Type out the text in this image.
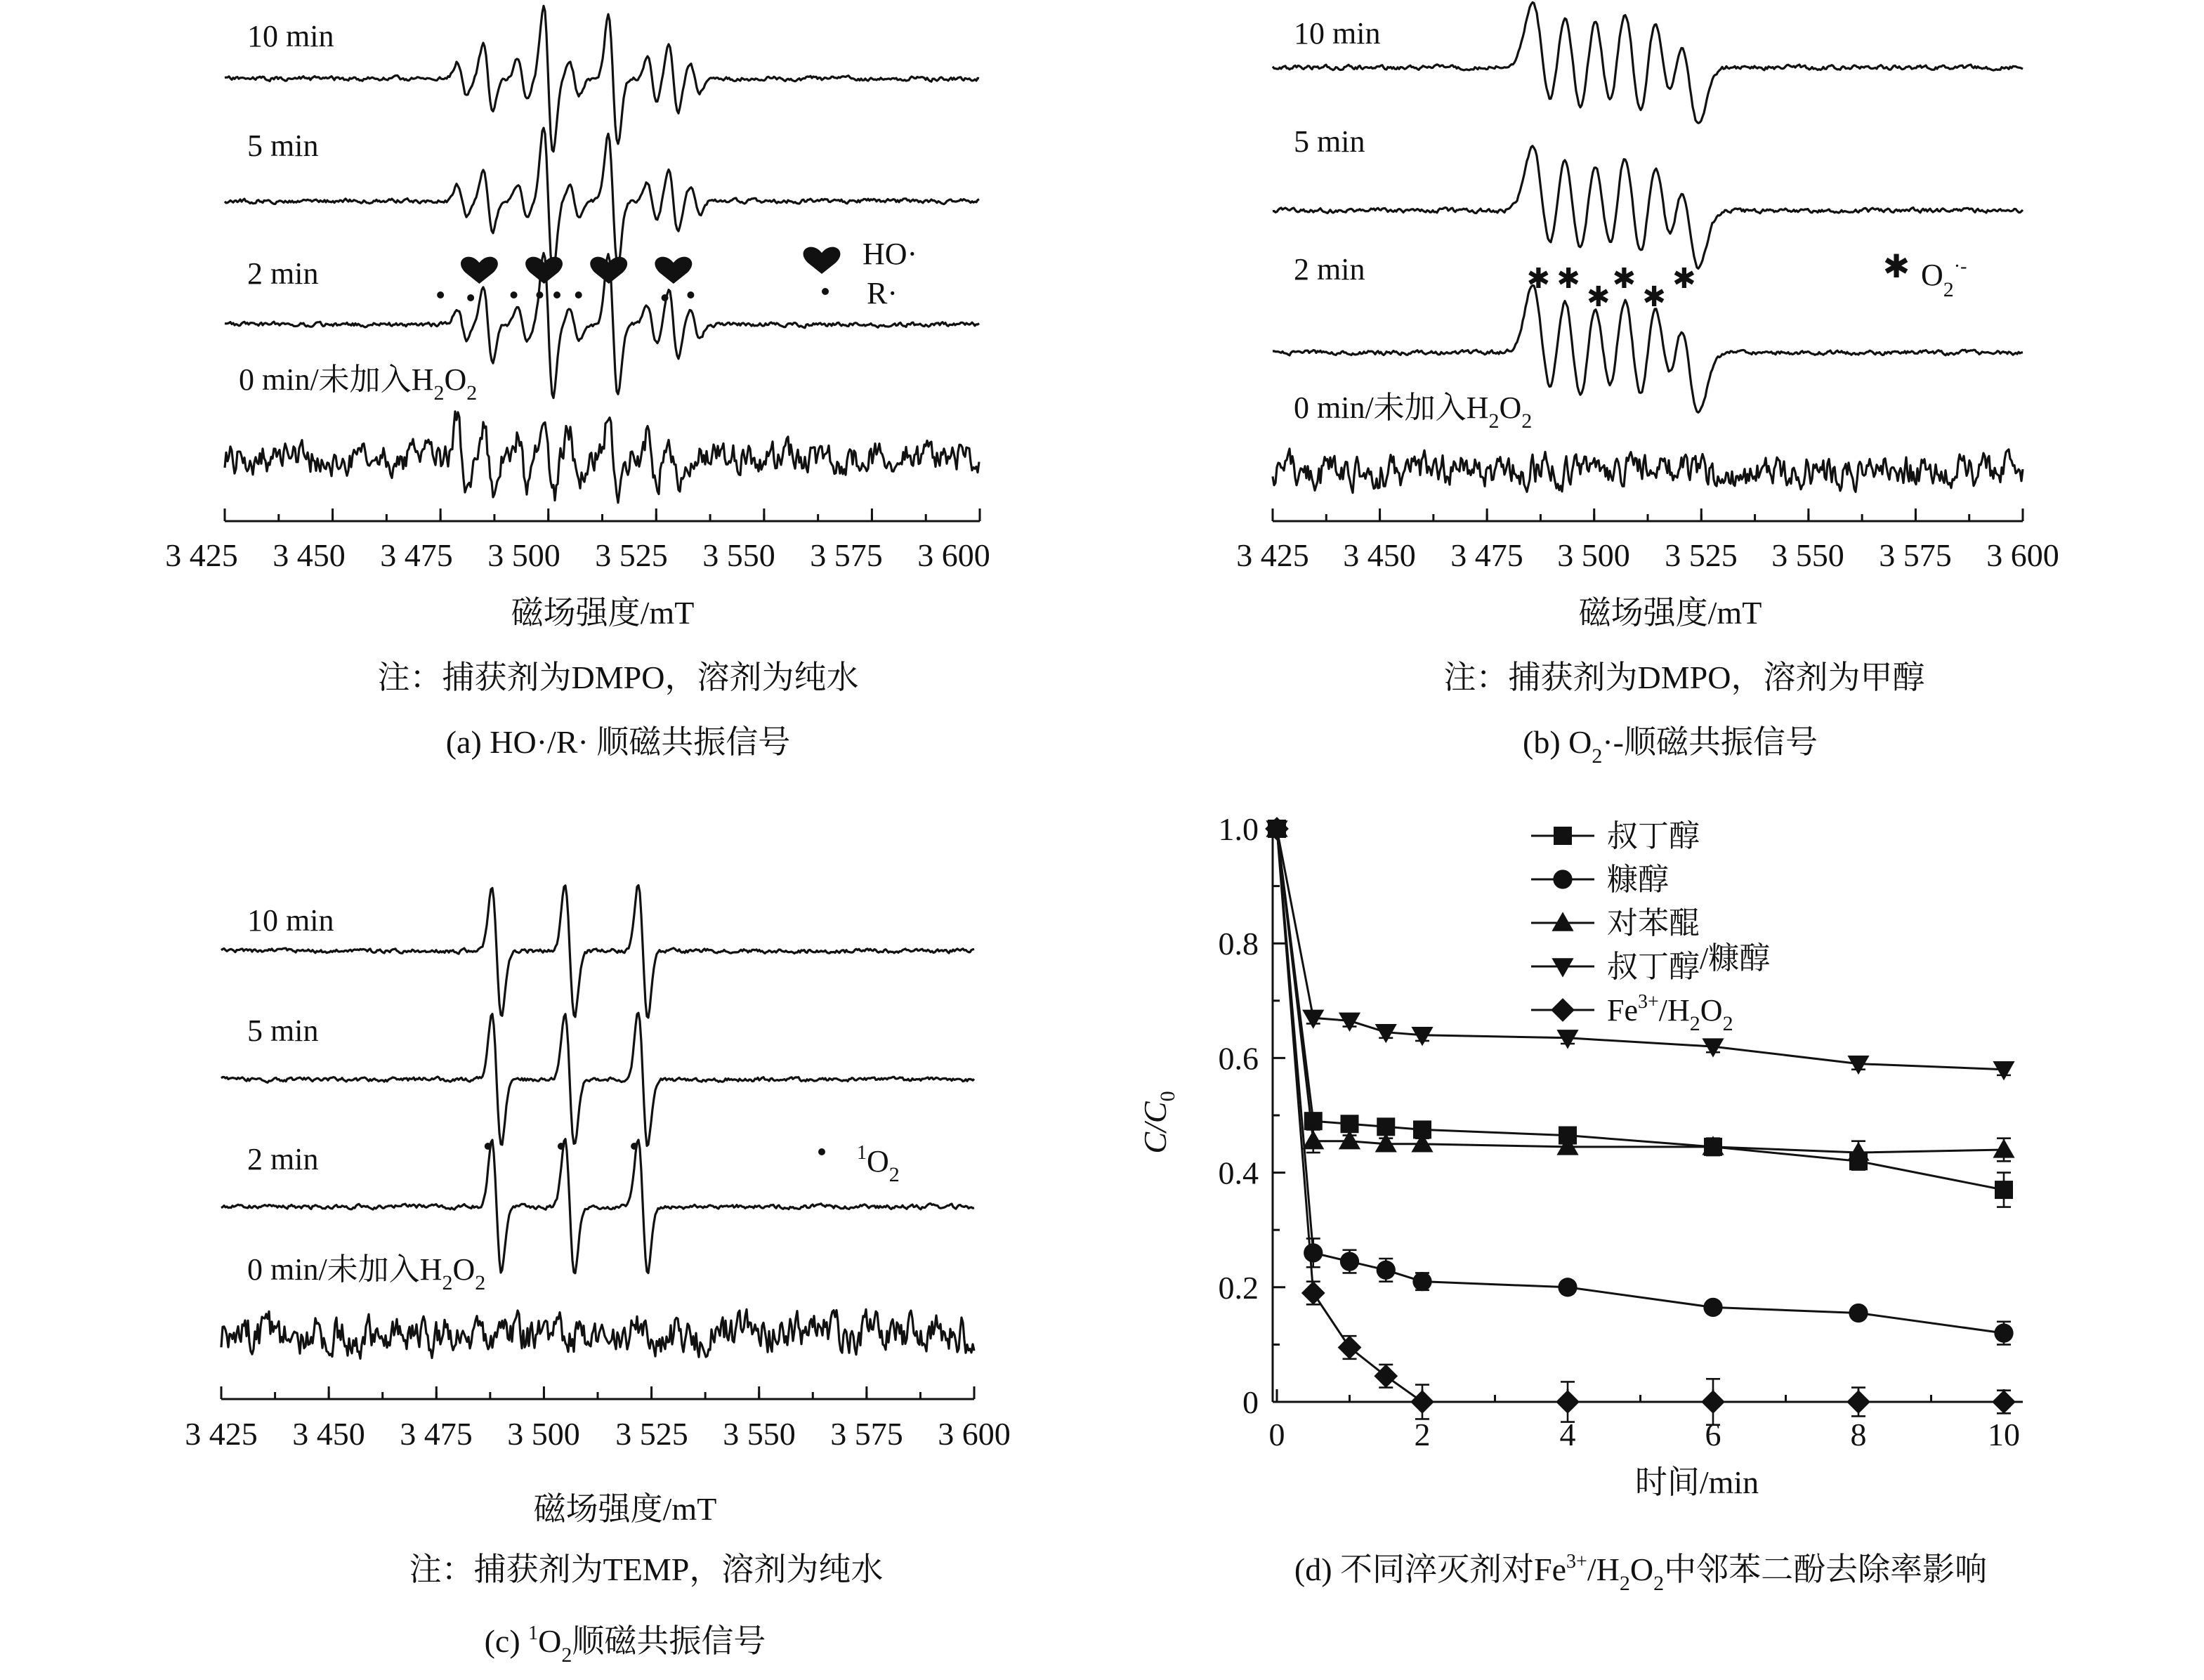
10 min
5 min
2 min
0 min/未加入$H_2O_2$
HO·
R·
3 425 3 450 3 475 3 500 3 525 3 550 3 575 3 600
磁场强度/mT
注：捕获剂为DMPO，溶剂为纯水
(a) HO·/R· 顺磁共振信号
10 min
5 min
2 min
0 min/未加入$H_2O_2$
✱ ✱
✱
✱
✱
✱	✱ $O_2^{\cdot-}$
3 425 3 450 3 475 3 500 3 525 3 550 3 575 3 600
磁场强度/mT
注：捕获剂为DMPO，溶剂为甲醇
(b) $O_2\cdot-$顺磁共振信号
10 min
5 min
2 min
0 min/未加入$H_2O_2$
$^1O_2$
3 425 3 450 3 475 3 500 3 525 3 550 3 575 3 600
磁场强度/mT
注：捕获剂为TEMP，溶剂为纯水
(c) $^1O_2$顺磁共振信号
0	2	4	6	8	10
0
0.2
0.4
0.6
0.8
1.0	叔丁醇
糠醇
对苯醌
叔丁醇/糠醇
$Fe^{3+}/H_2O_2$
时间/min
$C/C_0$
(d) 不同淬灭剂对$Fe^{3+}/H_2O_2$中邻苯二酚去除率影响
